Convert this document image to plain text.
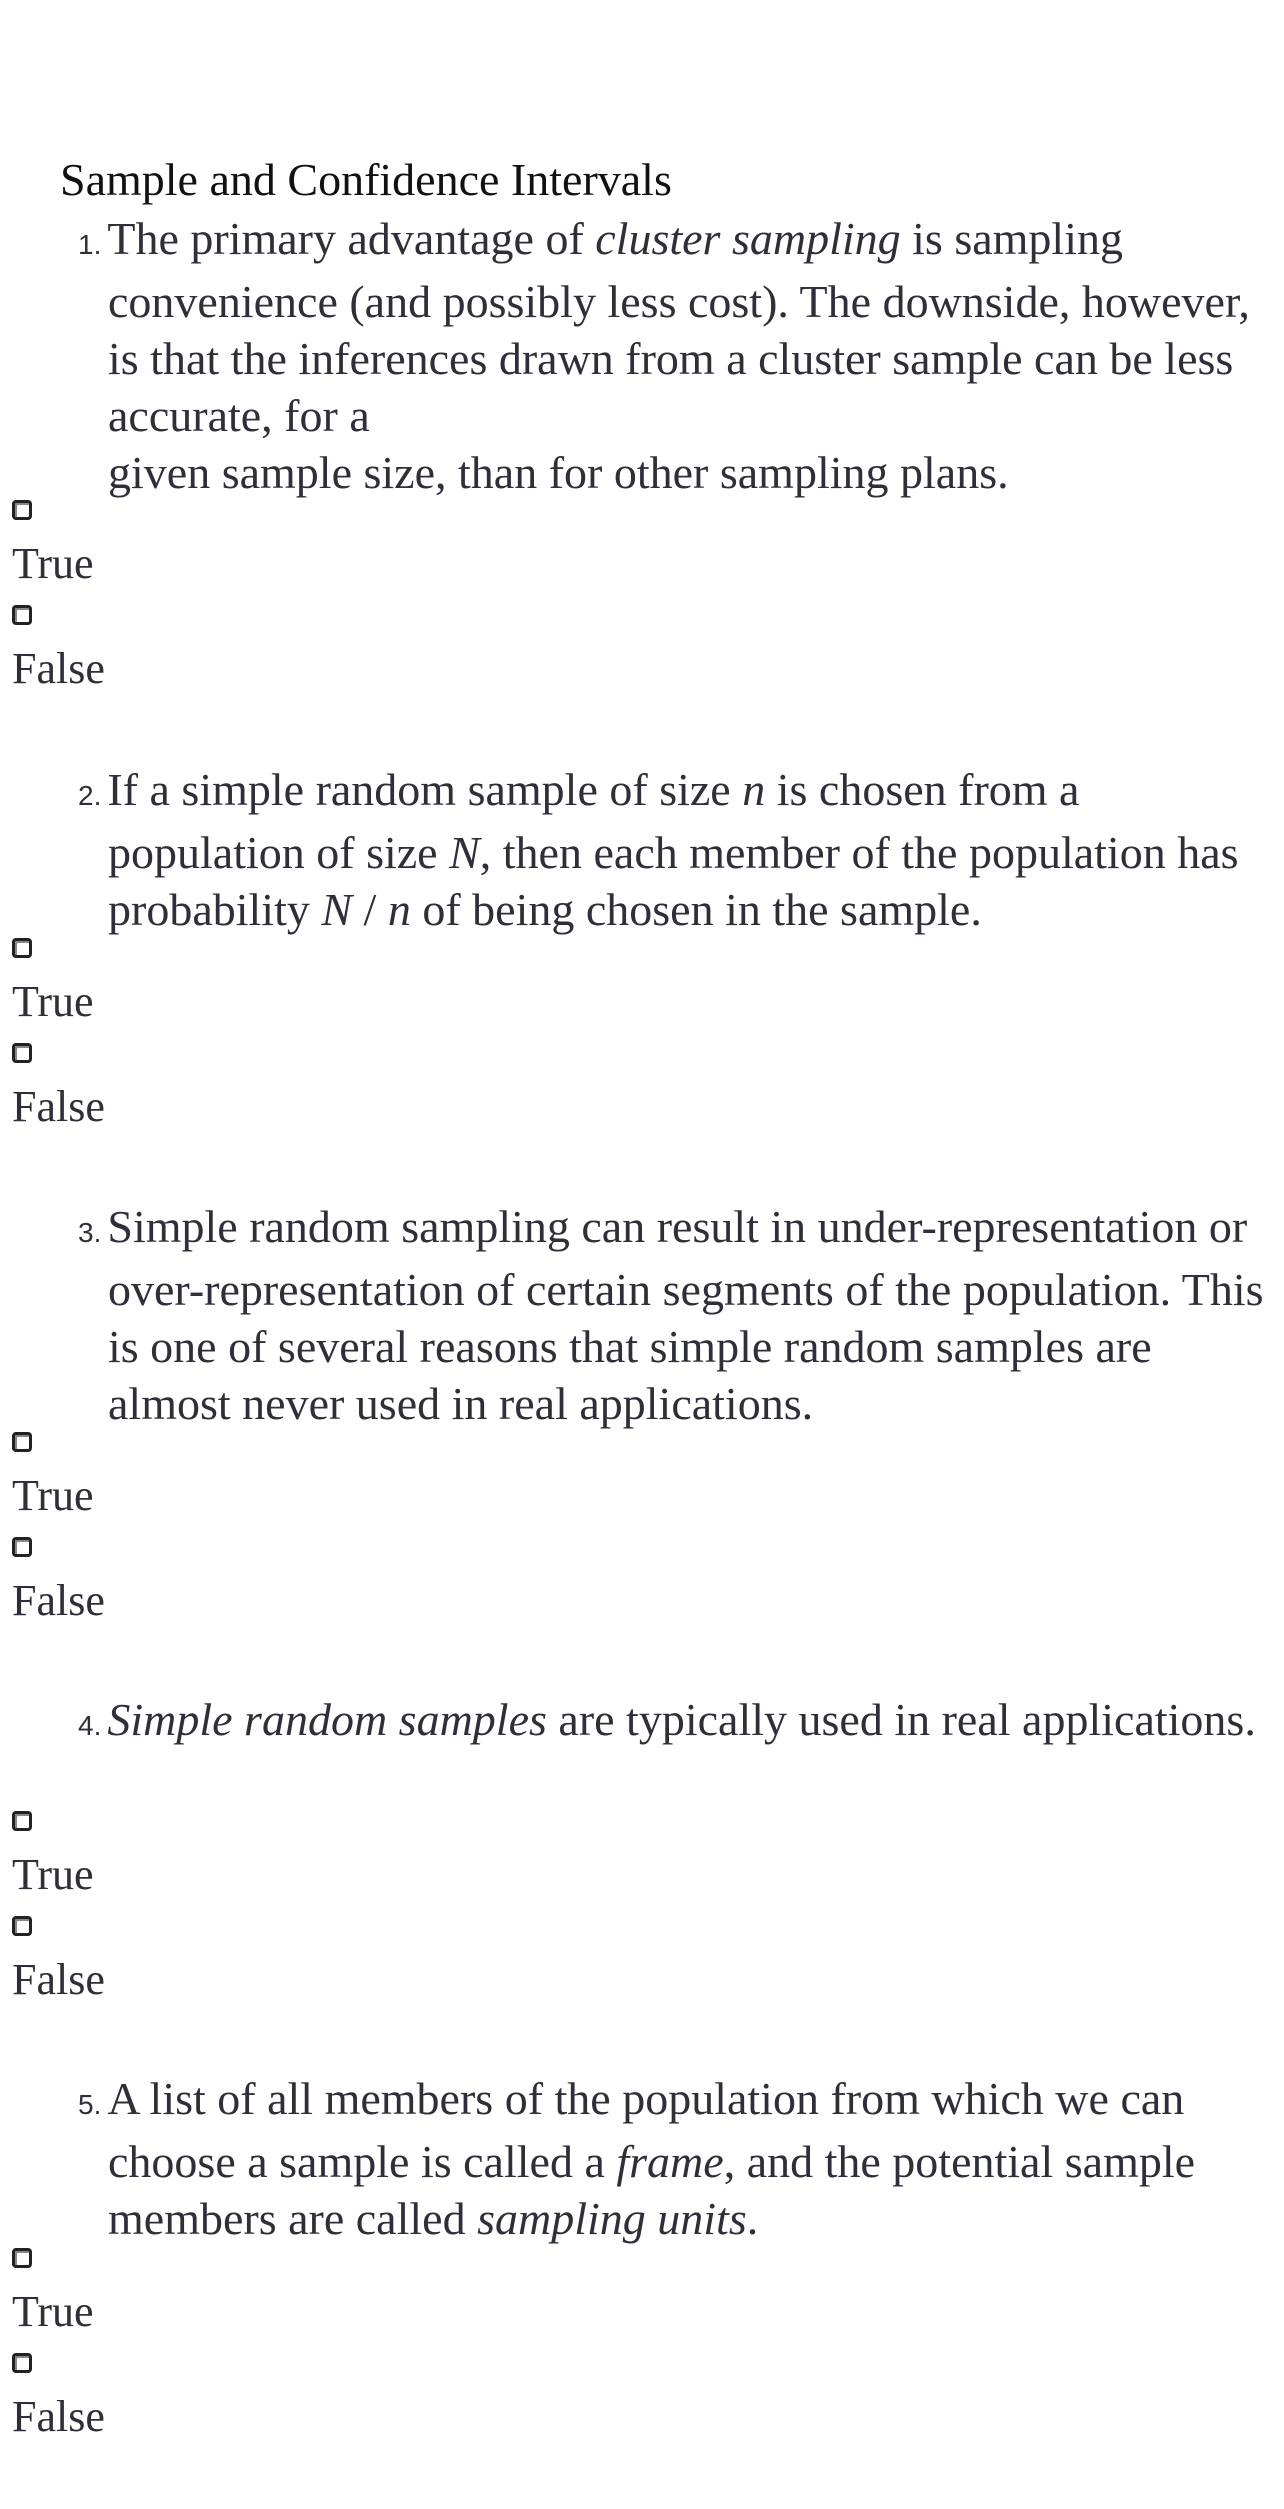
Sample and Confidence Intervals
1. The primary advantage of cluster sampling is sampling convenience (and possibly less cost). The downside, however, is that the inferences drawn from a cluster sample can be less accurate, for a
given sample size, than for other sampling plans.
True
False
2. If a simple random sample of size n is chosen from a population of size N, then each member of the population has probability N / n of being chosen in the sample.
True
False
3. Simple random sampling can result in under-representation or over-representation of certain segments of the population. This is one of several reasons that simple random samples are almost never used in real applications.
True
False
4. Simple random samples are typically used in real applications.
True
False
5. A list of all members of the population from which we can choose a sample is called a frame, and the potential sample members are called sampling units.
True
False
